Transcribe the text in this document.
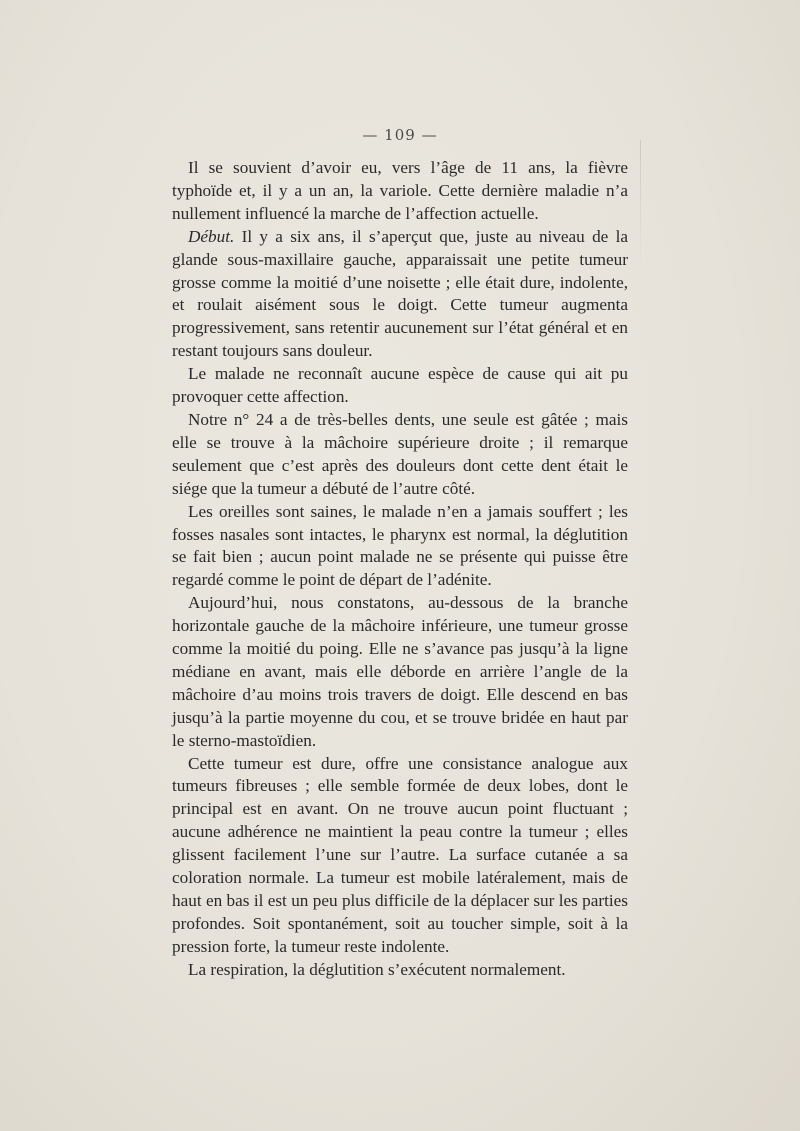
— 109 —

Il se souvient d’avoir eu, vers l’âge de 11 ans, la fièvre typhoïde et, il y a un an, la variole. Cette dernière maladie n’a nullement influencé la marche de l’affection actuelle.

Début. Il y a six ans, il s’aperçut que, juste au niveau de la glande sous-maxillaire gauche, apparaissait une petite tumeur grosse comme la moitié d’une noisette ; elle était dure, indolente, et roulait aisément sous le doigt. Cette tumeur augmenta progressivement, sans retentir aucunement sur l’état général et en restant toujours sans douleur.

Le malade ne reconnaît aucune espèce de cause qui ait pu provoquer cette affection.

Notre n° 24 a de très-belles dents, une seule est gâtée ; mais elle se trouve à la mâchoire supérieure droite ; il remarque seulement que c’est après des douleurs dont cette dent était le siége que la tumeur a débuté de l’autre côté.

Les oreilles sont saines, le malade n’en a jamais souffert ; les fosses nasales sont intactes, le pharynx est normal, la déglutition se fait bien ; aucun point malade ne se présente qui puisse être regardé comme le point de départ de l’adénite.

Aujourd’hui, nous constatons, au-dessous de la branche horizontale gauche de la mâchoire inférieure, une tumeur grosse comme la moitié du poing. Elle ne s’avance pas jusqu’à la ligne médiane en avant, mais elle déborde en arrière l’angle de la mâchoire d’au moins trois travers de doigt. Elle descend en bas jusqu’à la partie moyenne du cou, et se trouve bridée en haut par le sterno-mastoïdien.

Cette tumeur est dure, offre une consistance analogue aux tumeurs fibreuses ; elle semble formée de deux lobes, dont le principal est en avant. On ne trouve aucun point fluctuant ; aucune adhérence ne maintient la peau contre la tumeur ; elles glissent facilement l’une sur l’autre. La surface cutanée a sa coloration normale. La tumeur est mobile latéralement, mais de haut en bas il est un peu plus difficile de la déplacer sur les parties profondes. Soit spontanément, soit au toucher simple, soit à la pression forte, la tumeur reste indolente.

La respiration, la déglutition s’exécutent normalement.
